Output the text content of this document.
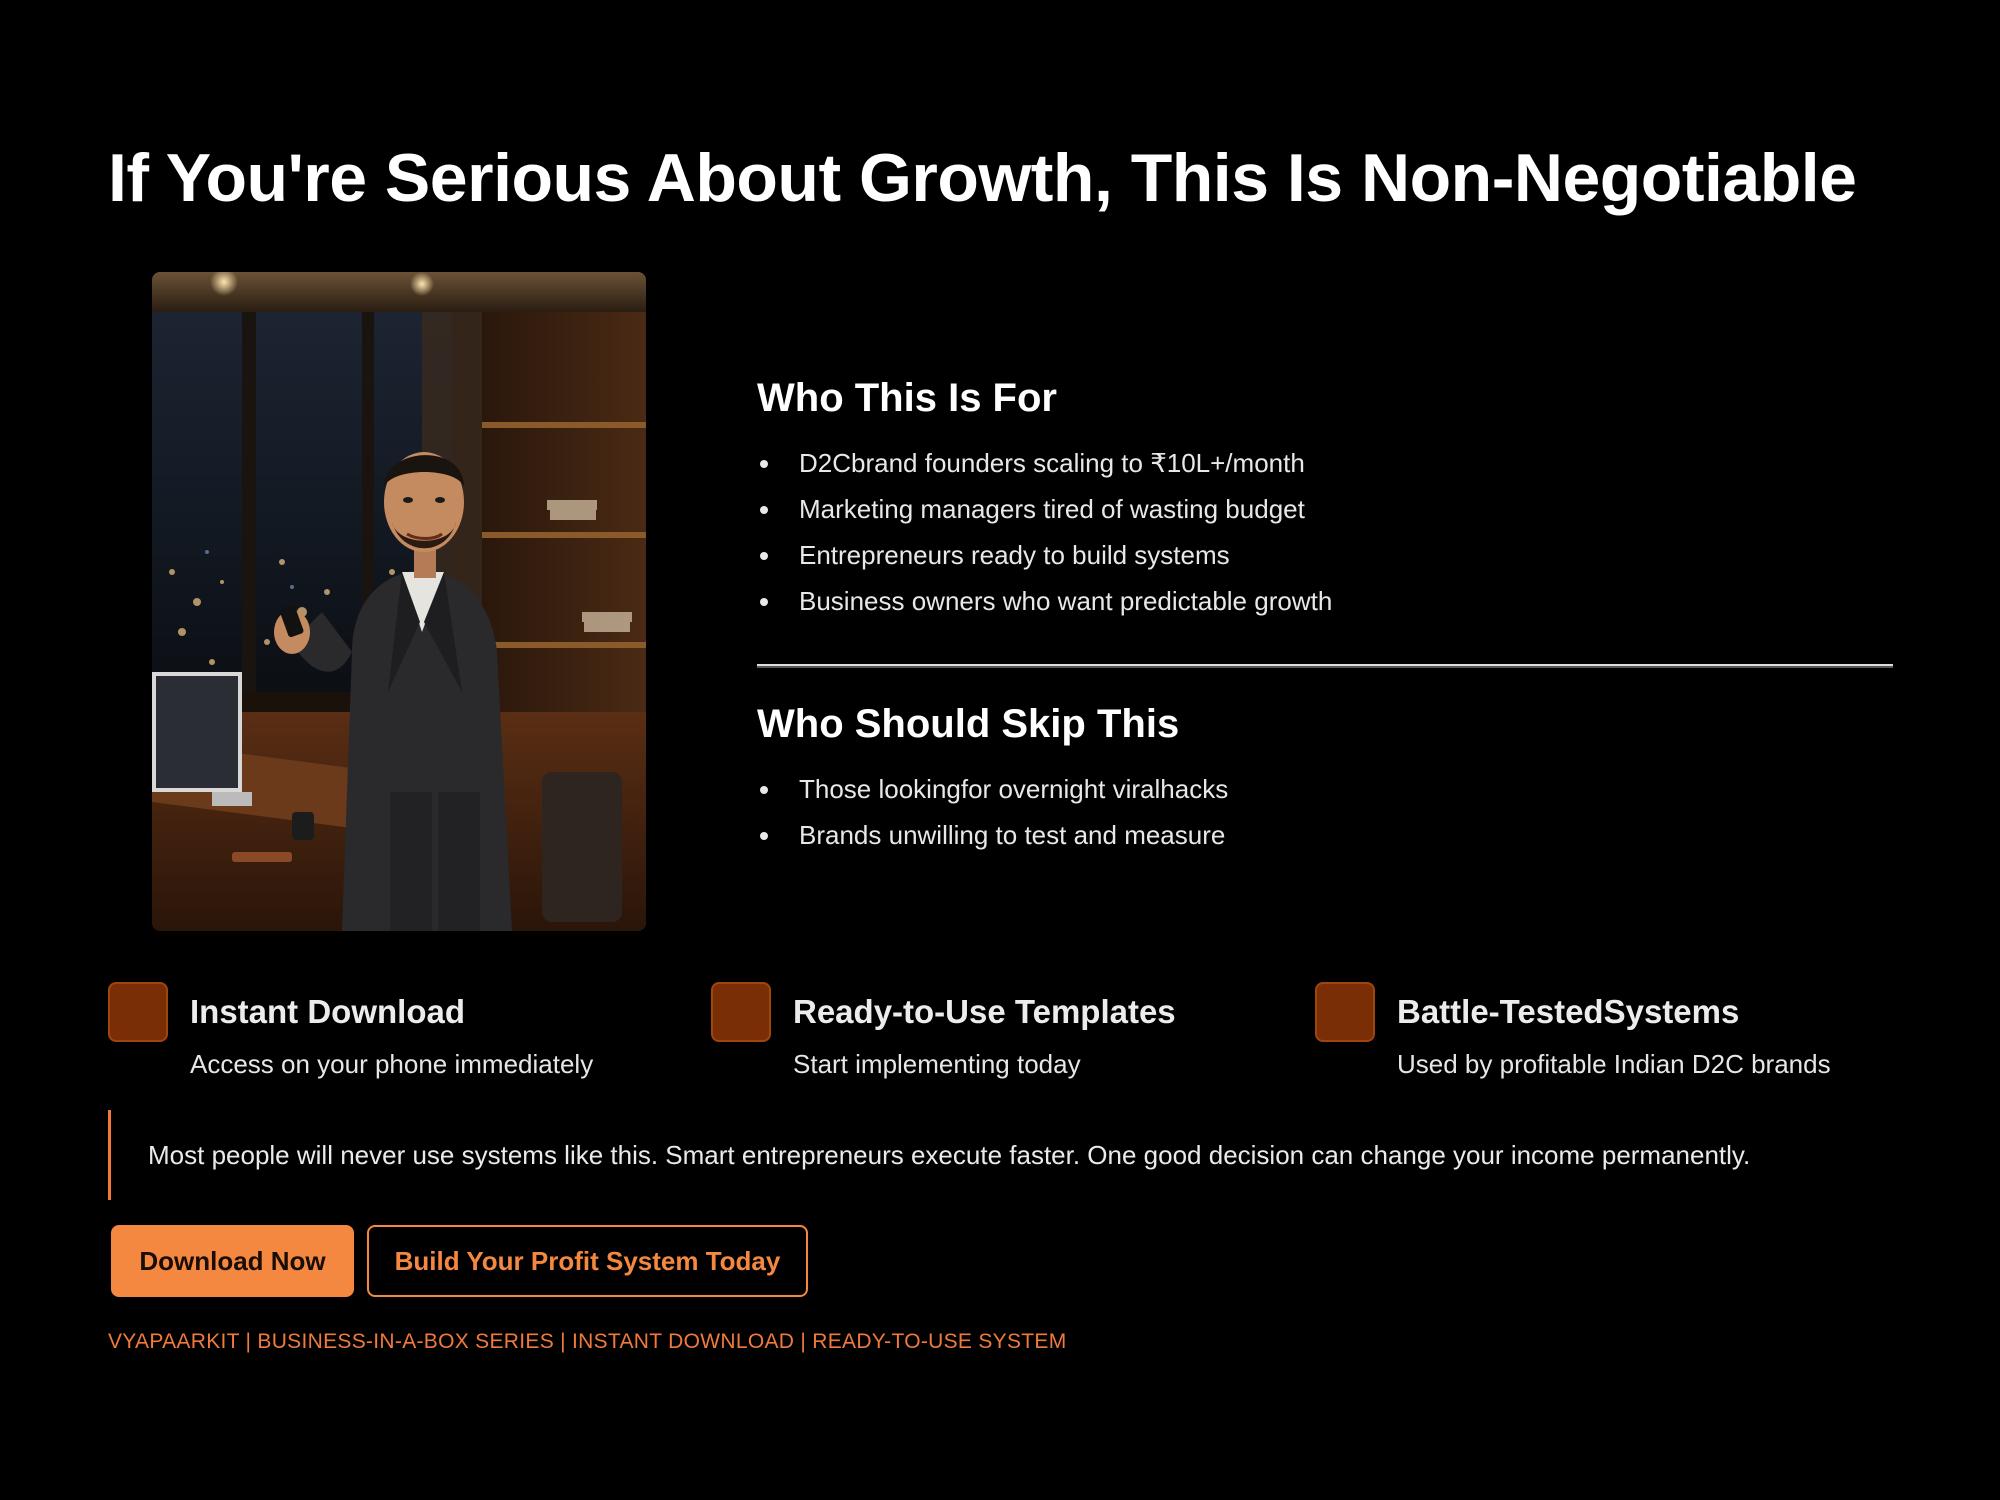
If You're Serious About Growth, This Is Non-Negotiable
Who This Is For
D2Cbrand founders scaling to ₹10L+/month
Marketing managers tired of wasting budget
Entrepreneurs ready to build systems
Business owners who want predictable growth
Who Should Skip This
Those lookingfor overnight viralhacks
Brands unwilling to test and measure
Instant Download
Access on your phone immediately
Ready-to-Use Templates
Start implementing today
Battle-TestedSystems
Used by profitable Indian D2C brands
Most people will never use systems like this. Smart entrepreneurs execute faster. One good decision can change your income permanently.
Download Now	Build Your Profit System Today
VYAPAARKIT | BUSINESS-IN-A-BOX SERIES | INSTANT DOWNLOAD | READY-TO-USE SYSTEM
